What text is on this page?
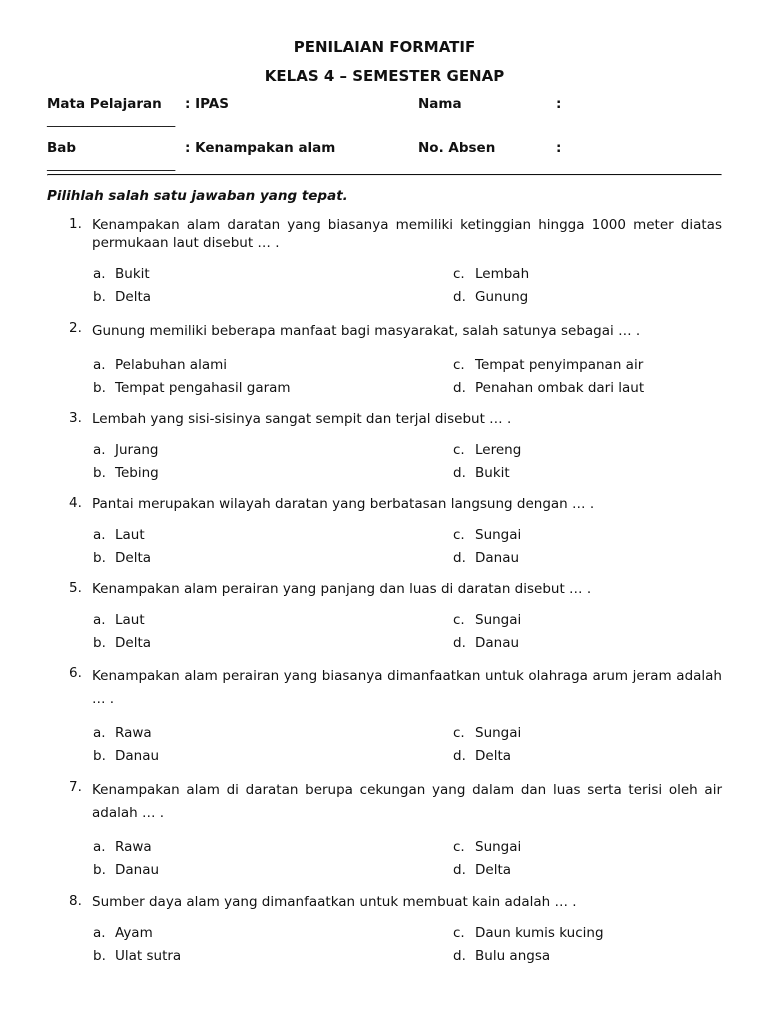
PENILAIAN FORMATIF

KELAS 4 – SEMESTER GENAP

Mata Pelajaran : IPAS	Nama	:
___________________
Bab	: Kenampakan alam	No. Absen	:
___________________

Pilihlah salah satu jawaban yang tepat.

1. Kenampakan alam daratan yang biasanya memiliki ketinggian hingga 1000 meter diatas permukaan laut disebut … .
a. Bukit	c. Lembah
b. Delta	d. Gunung
2. Gunung memiliki beberapa manfaat bagi masyarakat, salah satunya sebagai … .
a. Pelabuhan alami	c. Tempat penyimpanan air
b. Tempat pengahasil garam	d. Penahan ombak dari laut
3. Lembah yang sisi-sisinya sangat sempit dan terjal disebut … .
a. Jurang	c. Lereng
b. Tebing	d. Bukit
4. Pantai merupakan wilayah daratan yang berbatasan langsung dengan … .
a. Laut	c. Sungai
b. Delta	d. Danau
5. Kenampakan alam perairan yang panjang dan luas di daratan disebut … .
a. Laut	c. Sungai
b. Delta	d. Danau
6. Kenampakan alam perairan yang biasanya dimanfaatkan untuk olahraga arum jeram adalah … .
a. Rawa	c. Sungai
b. Danau	d. Delta
7. Kenampakan alam di daratan berupa cekungan yang dalam dan luas serta terisi oleh air adalah … .
a. Rawa	c. Sungai
b. Danau	d. Delta
8. Sumber daya alam yang dimanfaatkan untuk membuat kain adalah … .
a. Ayam	c. Daun kumis kucing
b. Ulat sutra	d. Bulu angsa
